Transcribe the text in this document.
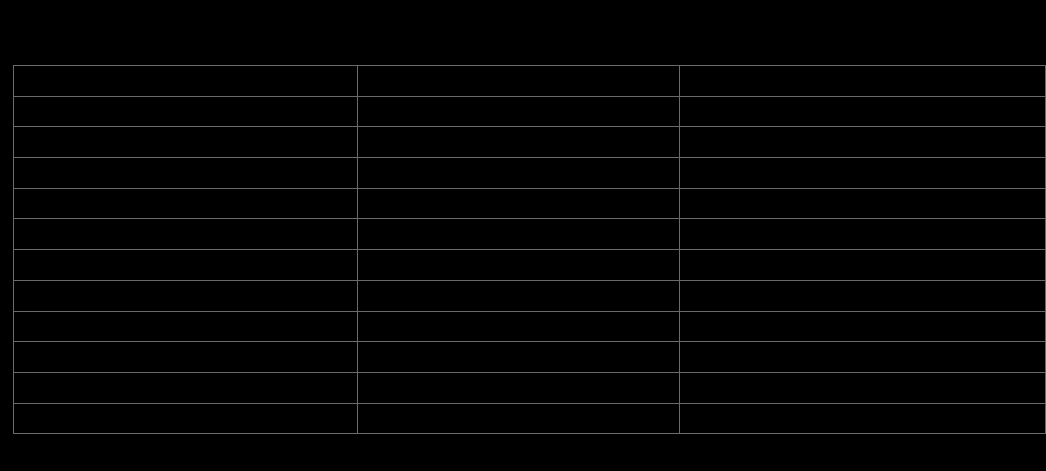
Nombre Común	Especie	Fecha de Reproducción
Coral cerebro	Diploria labyrinthiformis	Junio, Julio
Coral cerebro simétrico	Pseudodiploria strigosa	Julio, Agosto
Coral laberinto	Meandrina meandrites	Septiembre, Octubre, Noviembre
Cuerno de alce	Acropora palmata	Julio, Agosto, Septiembre
Cuerno de ciervo	Acropora cervicornis	Julio, Agosto, Septiembre
Coral cerebro de valles amplios	Colpophyllia natans	Agosto, Septiembre
Gran coral de estrellas	Montastraea cavernosa	Septiembre, Octubre
Coral de estrellas rocoso	Orbicella annularis	Septiembre, Octubre
Coral estrella montaña	Orbicella faveolata	Septiembre, Octubre
Coral pilar	Dendrogyra cylindrus	Agosto, Septiembre
Coral de Estrella Masiva	Siderastrea siderea	Septiembre, Octubre
